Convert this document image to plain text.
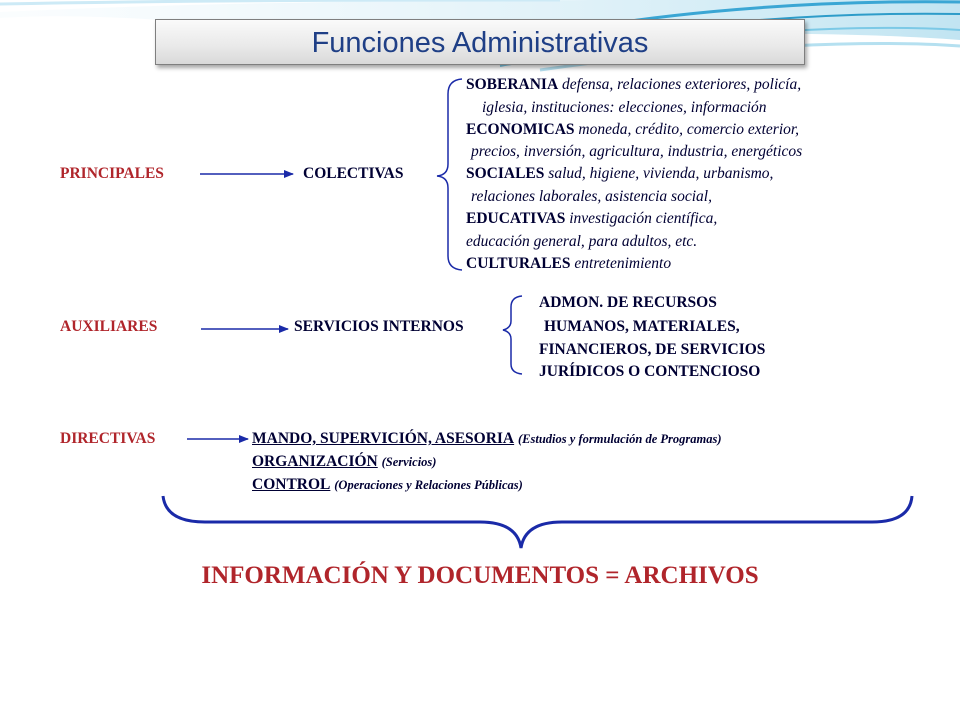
Funciones Administrativas
PRINCIPALES	COLECTIVAS
SOBERANIA defensa, relaciones exteriores, policía,
iglesia, instituciones: elecciones, información
ECONOMICAS moneda, crédito, comercio exterior,
precios, inversión, agricultura, industria, energéticos
SOCIALES salud, higiene, vivienda, urbanismo,
relaciones laborales, asistencia social,
EDUCATIVAS investigación científica,
educación general, para adultos, etc.
CULTURALES entretenimiento
AUXILIARES	SERVICIOS INTERNOS
ADMON. DE RECURSOS
HUMANOS, MATERIALES,
FINANCIEROS, DE SERVICIOS
JURÍDICOS O CONTENCIOSO
DIRECTIVAS	MANDO, SUPERVICIÓN, ASESORIA (Estudios y formulación de Programas)
ORGANIZACIÓN (Servicios)
CONTROL (Operaciones y Relaciones Públicas)
INFORMACIÓN Y DOCUMENTOS = ARCHIVOS
